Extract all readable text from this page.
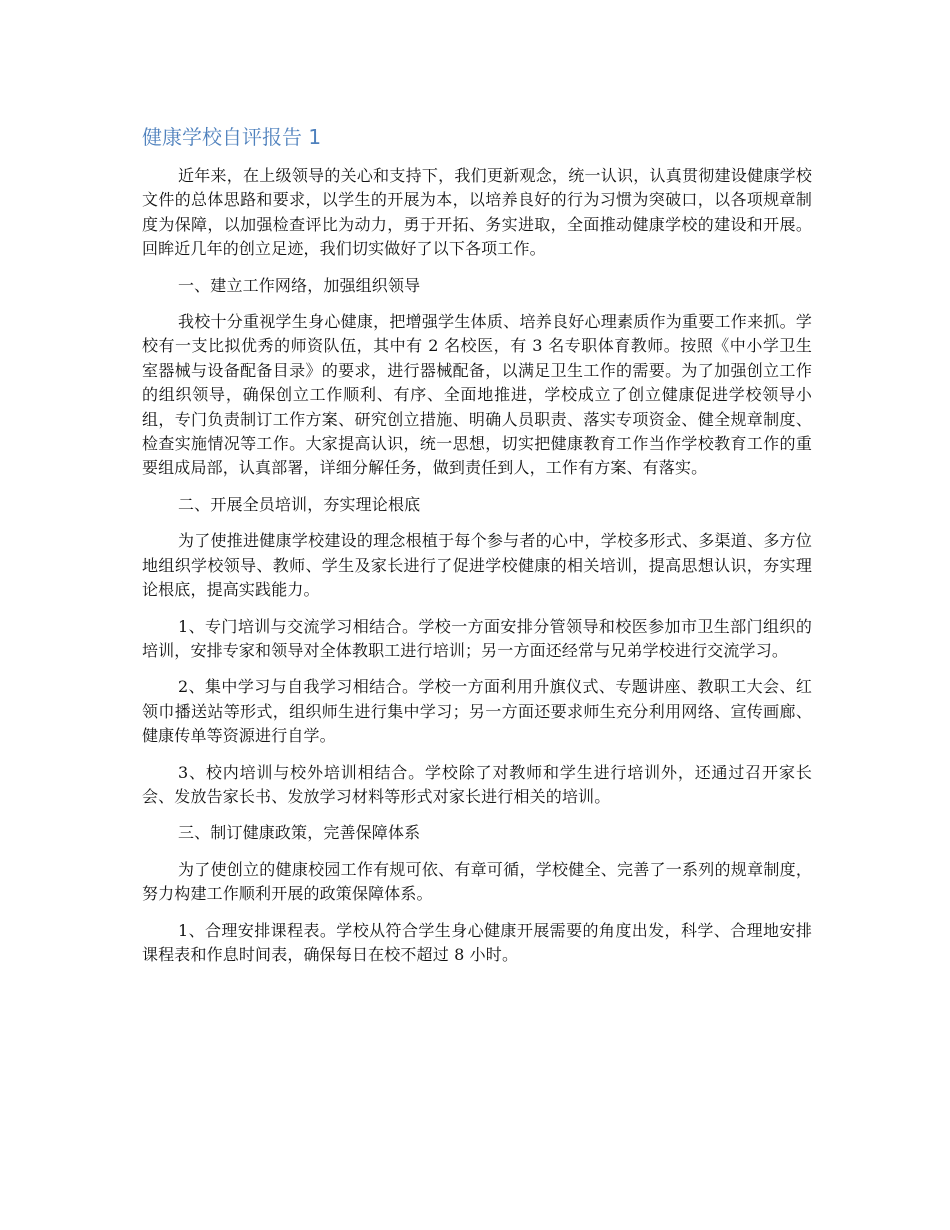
健康学校自评报告 1

近年来，在上级领导的关心和支持下，我们更新观念，统一认识，认真贯彻建设健康学校文件的总体思路和要求，以学生的开展为本，以培养良好的行为习惯为突破口，以各项规章制度为保障，以加强检查评比为动力，勇于开拓、务实进取，全面推动健康学校的建设和开展。回眸近几年的创立足迹，我们切实做好了以下各项工作。

一、建立工作网络，加强组织领导

我校十分重视学生身心健康，把增强学生体质、培养良好心理素质作为重要工作来抓。学校有一支比拟优秀的师资队伍，其中有 2 名校医，有 3 名专职体育教师。按照《中小学卫生室器械与设备配备目录》的要求，进行器械配备，以满足卫生工作的需要。为了加强创立工作的组织领导，确保创立工作顺利、有序、全面地推进，学校成立了创立健康促进学校领导小组，专门负责制订工作方案、研究创立措施、明确人员职责、落实专项资金、健全规章制度、检查实施情况等工作。大家提高认识，统一思想，切实把健康教育工作当作学校教育工作的重要组成局部，认真部署，详细分解任务，做到责任到人，工作有方案、有落实。

二、开展全员培训，夯实理论根底

为了使推进健康学校建设的理念根植于每个参与者的心中，学校多形式、多渠道、多方位地组织学校领导、教师、学生及家长进行了促进学校健康的相关培训，提高思想认识，夯实理论根底，提高实践能力。

1、专门培训与交流学习相结合。学校一方面安排分管领导和校医参加市卫生部门组织的培训，安排专家和领导对全体教职工进行培训；另一方面还经常与兄弟学校进行交流学习。

2、集中学习与自我学习相结合。学校一方面利用升旗仪式、专题讲座、教职工大会、红领巾播送站等形式，组织师生进行集中学习；另一方面还要求师生充分利用网络、宣传画廊、健康传单等资源进行自学。

3、校内培训与校外培训相结合。学校除了对教师和学生进行培训外，还通过召开家长会、发放告家长书、发放学习材料等形式对家长进行相关的培训。

三、制订健康政策，完善保障体系

为了使创立的健康校园工作有规可依、有章可循，学校健全、完善了一系列的规章制度，努力构建工作顺利开展的政策保障体系。

1、合理安排课程表。学校从符合学生身心健康开展需要的角度出发，科学、合理地安排课程表和作息时间表，确保每日在校不超过 8 小时。
